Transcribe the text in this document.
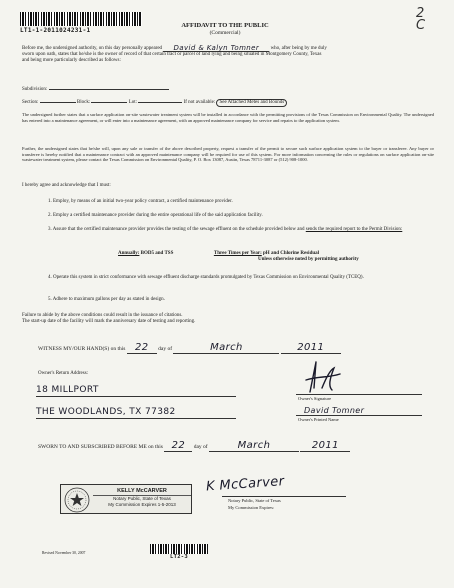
LT1-1-2011024231-1
2
C
AFFIDAVIT TO THE PUBLIC
(Commercial)
Before me, the undersigned authority, on this day personally appeared David & Kalyn Tomner who, after being by me duly
sworn upon oath, states that he/she is the owner of record of that certain tract or parcel of land lying and being situated in Montgomery County, Texas
and being more particularly described as follows:
Subdivision:
Section:	Block:	Lot:	If not available: See Attached Metes and Bounds
The undersigned further states that a surface application on-site wastewater treatment system will be installed in accordance with the permitting provisions of the Texas Commission on Environmental Quality. The undersigned has entered into a maintenance agreement, or will enter into a maintenance agreement, with an approved maintenance company for service and repairs to the application system.
Further, the undersigned states that he/she will, upon any sale or transfer of the above described property, request a transfer of the permit to secure such surface application system to the buyer or transferee. Any buyer or transferee is hereby notified that a maintenance contract with an approved maintenance company will be required for use of this system. For more information concerning the rules or regulations on surface application on-site wastewater treatment system, please contact the Texas Commission on Environmental Quality, P. O. Box 13087, Austin, Texas 78711-3087 or (512) 908-1000.
I hereby agree and acknowledge that I must:
1. Employ, by means of an initial two-year policy contract, a certified maintenance provider.
2. Employ a certified maintenance provider during the entire operational life of the said application facility.
3. Assure that the certified maintenance provider provides the testing of the sewage effluent on the schedule provided below and sends the required report to the Permit Division:
Annually: BOD5 and TSS	Three Times per Year: pH and Chlorine Residual
Unless otherwise noted by permitting authority
4. Operate this system in strict conformance with sewage effluent discharge standards promulgated by Texas Commission on Environmental Quality (TCEQ).
5. Adhere to maximum gallons per day as stated in design.
Failure to abide by the above conditions could result in the issuance of citations.
The start-up date of the facility will mark the anniversary date of testing and reporting.
WITNESS MY/OUR HAND(S) on this 22 day of	March	2011
Owner's Return Address:
18 MILLPORT
THE WOODLANDS, TX 77382
Owner's Signature
David Tomner
Owner's Printed Name
SWORN TO AND SUBSCRIBED BEFORE ME on this 22 day of	March	2011
KELLY McCARVER
Notary Public, State of Texas
My Commission Expires 1-5-2013
K McCarver
Notary Public, State of Texas
My Commission Expires:
Revised November 30, 2007
LT2-3
